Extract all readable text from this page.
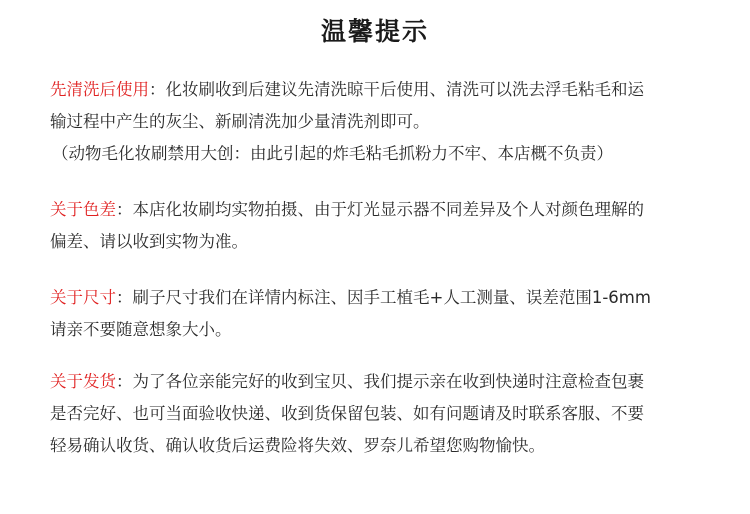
温馨提示
先清洗后使用：化妆刷收到后建议先清洗晾干后使用、清洗可以洗去浮毛粘毛和运
输过程中产生的灰尘、新刷清洗加少量清洗剂即可。
（动物毛化妆刷禁用大创：由此引起的炸毛粘毛抓粉力不牢、本店概不负责）
关于色差：本店化妆刷均实物拍摄、由于灯光显示器不同差异及个人对颜色理解的
偏差、请以收到实物为准。
关于尺寸：刷子尺寸我们在详情内标注、因手工植毛+人工测量、误差范围1-6mm
请亲不要随意想象大小。
关于发货：为了各位亲能完好的收到宝贝、我们提示亲在收到快递时注意检查包裹
是否完好、也可当面验收快递、收到货保留包装、如有问题请及时联系客服、不要
轻易确认收货、确认收货后运费险将失效、罗奈儿希望您购物愉快。
